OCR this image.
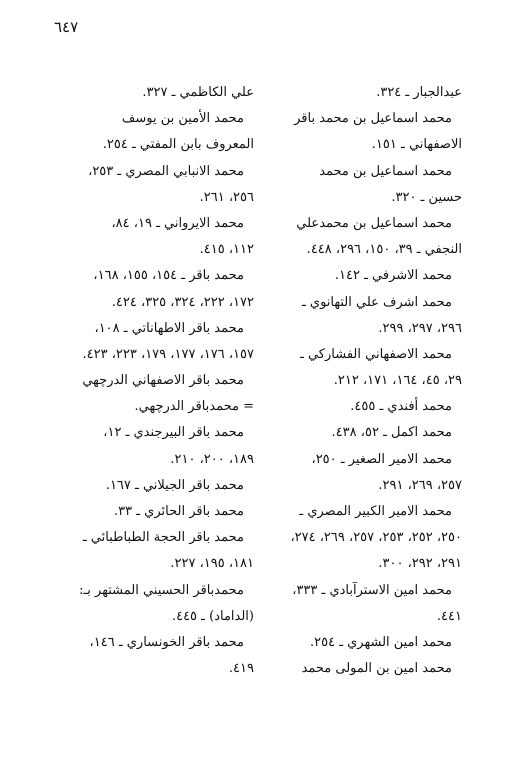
٦٤٧
عبدالجبار ـ ٣٢٤.
محمد اسماعيل بن محمد باقر
الاصفهاني ـ ١٥١.
محمد اسماعيل بن محمد
حسين ـ ٣٢٠.
محمد اسماعيل بن محمدعلي
النجفي ـ ٣٩، ١٥٠، ٢٩٦، ٤٤٨.
محمد الاشرفي ـ ١٤٢.
محمد اشرف علي التهانوي ـ
٢٩٦، ٢٩٧، ٢٩٩.
محمد الاصفهاني الفشاركي ـ
٢٩، ٤٥، ١٦٤، ١٧١، ٢١٢.
محمد أفندي ـ ٤٥٥.
محمد اكمل ـ ٥٢، ٤٣٨.
محمد الامير الصغير ـ ٢٥٠،
٢٥٧، ٢٦٩، ٢٩١.
محمد الامير الكبير المصري ـ
٢٥٠، ٢٥٢، ٢٥٣، ٢٥٧، ٢٦٩، ٢٧٤،
٢٩١، ٢٩٢، ٣٠٠.
محمد امين الاسترآبادي ـ ٣٣٣،
٤٤١.
محمد امين الشهري ـ ٢٥٤.
محمد امين بن المولى محمد
علي الكاظمي ـ ٣٢٧.
محمد الأمين بن يوسف
المعروف بابن المفتي ـ ٢٥٤.
محمد الانبابي المصري ـ ٢٥٣،
٢٥٦، ٢٦١.
محمد الايرواني ـ ١٩، ٨٤،
١١٢، ٤١٥.
محمد باقر ـ ١٥٤، ١٥٥، ١٦٨،
١٧٢، ٢٢٢، ٣٢٤، ٣٢٥، ٤٢٤.
محمد باقر الاطهاناتي ـ ١٠٨،
١٥٧، ١٧٦، ١٧٧، ١٧٩، ٢٢٣، ٤٢٣.
محمد باقر الاصفهاني الدرچهي
= محمدباقر الدرچهي.
محمد باقر البيرجندي ـ ١٢،
١٨٩، ٢٠٠، ٢١٠.
محمد باقر الجيلاني ـ ١٦٧.
محمد باقر الحائري ـ ٣٣.
محمد باقر الحجة الطباطبائي ـ
١٨١، ١٩٥، ٢٢٧.
محمدباقر الحسيني المشتهر بـ:
(الداماد) ـ ٤٤٥.
محمد باقر الخونساري ـ ١٤٦،
٤١٩.
